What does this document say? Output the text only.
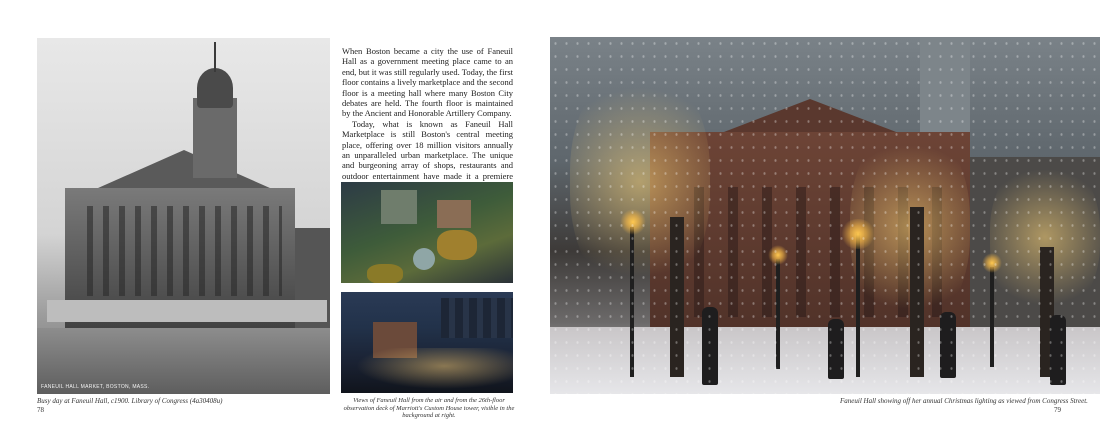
FANEUIL HALL MARKET, BOSTON, MASS.
Busy day at Faneuil Hall, c1900. Library of Congress (4a30408u)
78

When Boston became a city the use of Faneuil Hall as a government meeting place came to an end, but it was still regularly used. Today, the first floor contains a lively marketplace and the second floor is a meeting hall where many Boston City debates are held. The fourth floor is maintained by the Ancient and Honorable Artillery Company.

Today, what is known as Faneuil Hall Marketplace is still Boston's central meeting place, offering over 18 million visitors annually an unparalleled urban marketplace. The unique and burgeoning array of shops, restaurants and outdoor entertainment have made it a premiere

Views of Faneuil Hall from the air and from the 26th-floor observation deck of Marriott's Custom House tower, visible in the background at right.
Faneuil Hall showing off her annual Christmas lighting as viewed from Congress Street.
79
